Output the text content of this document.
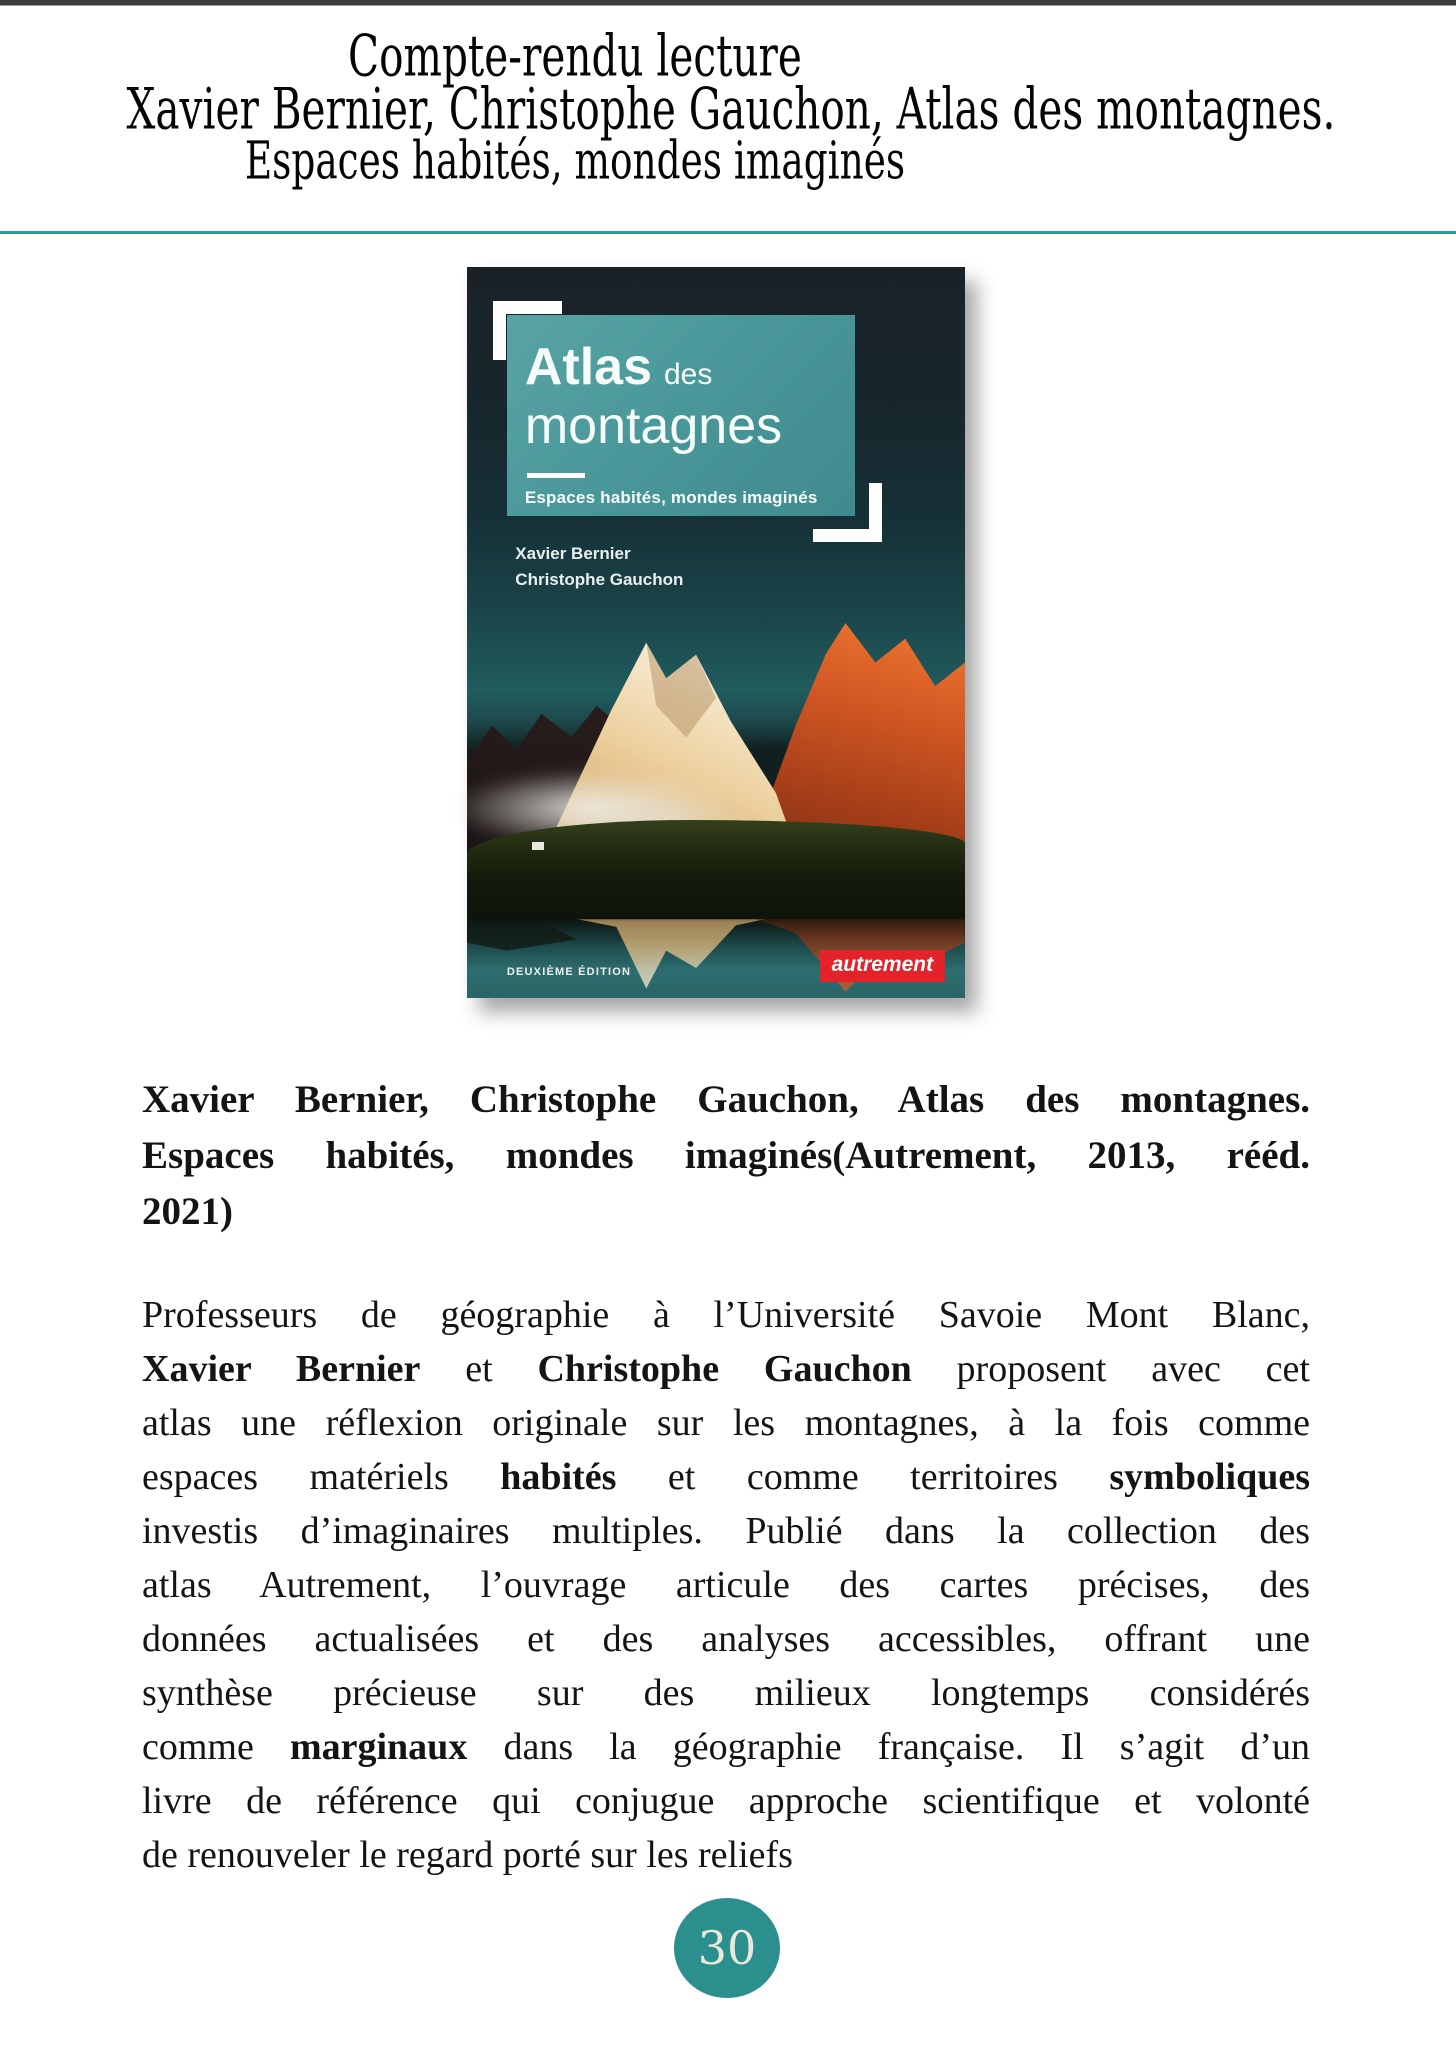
Compte-rendu lecture
Xavier Bernier, Christophe Gauchon, Atlas des montagnes.
Espaces habités, mondes imaginés
Atlas des
montagnes
Espaces habités, mondes imaginés
Xavier Bernier
Christophe Gauchon
DEUXIÈME ÉDITION	autrement
Xavier Bernier, Christophe Gauchon, Atlas des montagnes.
Espaces habités, mondes imaginés(Autrement, 2013, rééd.
2021)
Professeurs de géographie à l’Université Savoie Mont Blanc,
Xavier Bernier et Christophe Gauchon proposent avec cet
atlas une réflexion originale sur les montagnes, à la fois comme
espaces matériels habités et comme territoires symboliques
investis d’imaginaires multiples. Publié dans la collection des
atlas Autrement, l’ouvrage articule des cartes précises, des
données actualisées et des analyses accessibles, offrant une
synthèse précieuse sur des milieux longtemps considérés
comme marginaux dans la géographie française. Il s’agit d’un
livre de référence qui conjugue approche scientifique et volonté
de renouveler le regard porté sur les reliefs
30
